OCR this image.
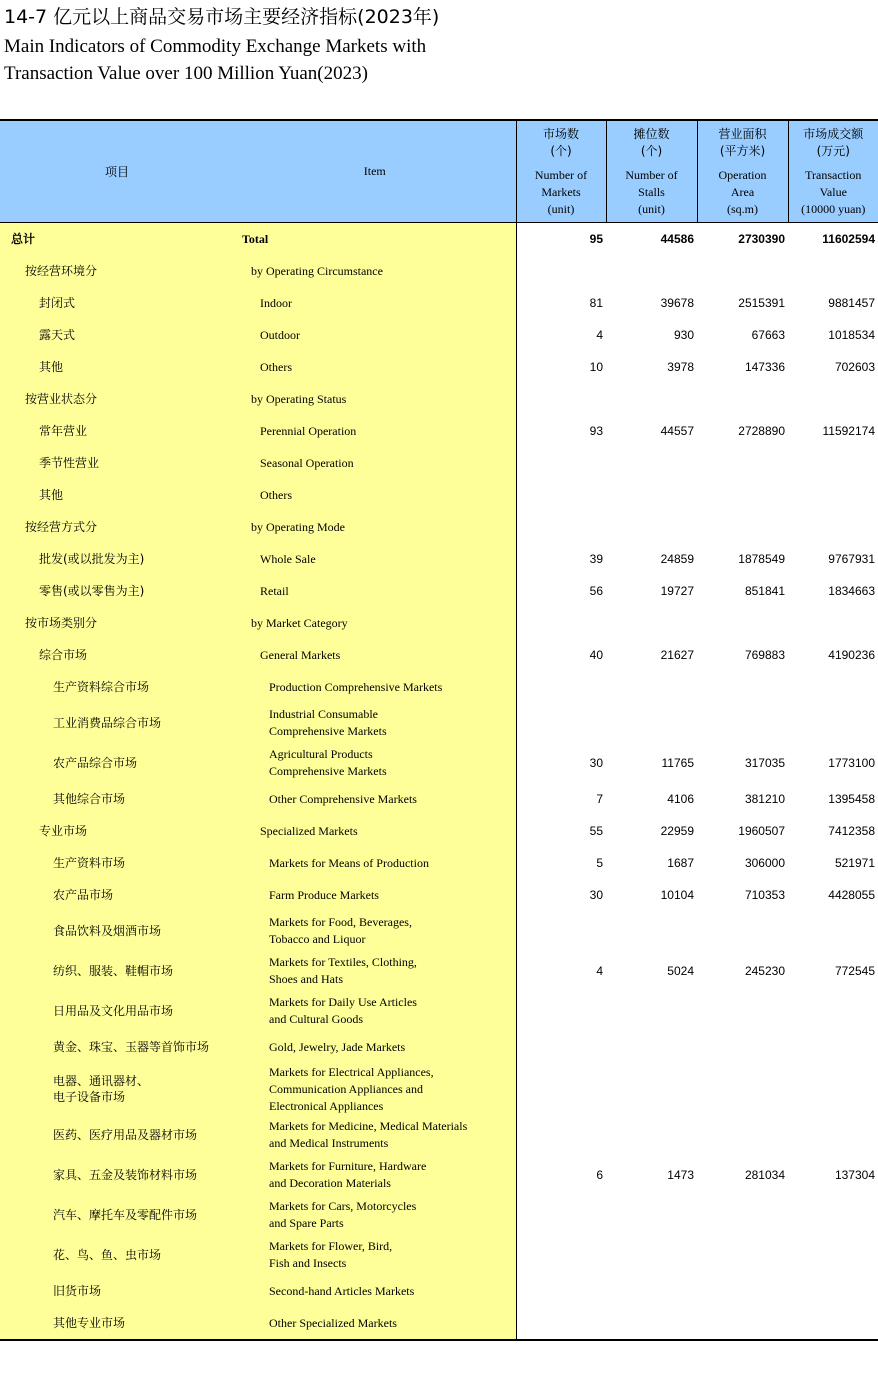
14-7 亿元以上商品交易市场主要经济指标(2023年)
Main Indicators of Commodity Exchange Markets with
Transaction Value over 100 Million Yuan(2023)
项目	Item	市场数
(个)
Number of
Markets
(unit)	摊位数
(个)
Number of
Stalls
(unit)	营业面积
(平方米)
Operation
Area
(sq.m)	市场成交额
(万元)
Transaction
Value
(10000 yuan)

总计	Total	95	44586	2730390	11602594
按经营环境分	by Operating Circumstance				
封闭式	Indoor	81	39678	2515391	9881457
露天式	Outdoor	4	930	67663	1018534
其他	Others	10	3978	147336	702603
按营业状态分	by Operating Status				
常年营业	Perennial Operation	93	44557	2728890	11592174
季节性营业	Seasonal Operation				
其他	Others				
按经营方式分	by Operating Mode				
批发(或以批发为主)	Whole Sale	39	24859	1878549	9767931
零售(或以零售为主)	Retail	56	19727	851841	1834663
按市场类别分	by Market Category				
综合市场	General Markets	40	21627	769883	4190236
生产资料综合市场	Production Comprehensive Markets				
工业消费品综合市场	Industrial Consumable
Comprehensive Markets				
农产品综合市场	Agricultural Products
Comprehensive Markets	30	11765	317035	1773100
其他综合市场	Other Comprehensive Markets	7	4106	381210	1395458
专业市场	Specialized Markets	55	22959	1960507	7412358
生产资料市场	Markets for Means of Production	5	1687	306000	521971
农产品市场	Farm Produce Markets	30	10104	710353	4428055
食品饮料及烟酒市场	Markets for Food, Beverages,
Tobacco and Liquor				
纺织、服装、鞋帽市场	Markets for Textiles, Clothing,
Shoes and Hats	4	5024	245230	772545
日用品及文化用品市场	Markets for Daily Use Articles
and Cultural Goods				
黄金、珠宝、玉器等首饰市场	Gold, Jewelry, Jade Markets				
电器、通讯器材、
电子设备市场	Markets for Electrical Appliances,
Communication Appliances and
Electronical Appliances				
医药、医疗用品及器材市场	Markets for Medicine, Medical Materials
and Medical Instruments				
家具、五金及装饰材料市场	Markets for Furniture, Hardware
and Decoration Materials	6	1473	281034	137304
汽车、摩托车及零配件市场	Markets for Cars, Motorcycles
and Spare Parts				
花、鸟、鱼、虫市场	Markets for Flower, Bird,
Fish and Insects				
旧货市场	Second-hand Articles Markets				
其他专业市场	Other Specialized Markets				
